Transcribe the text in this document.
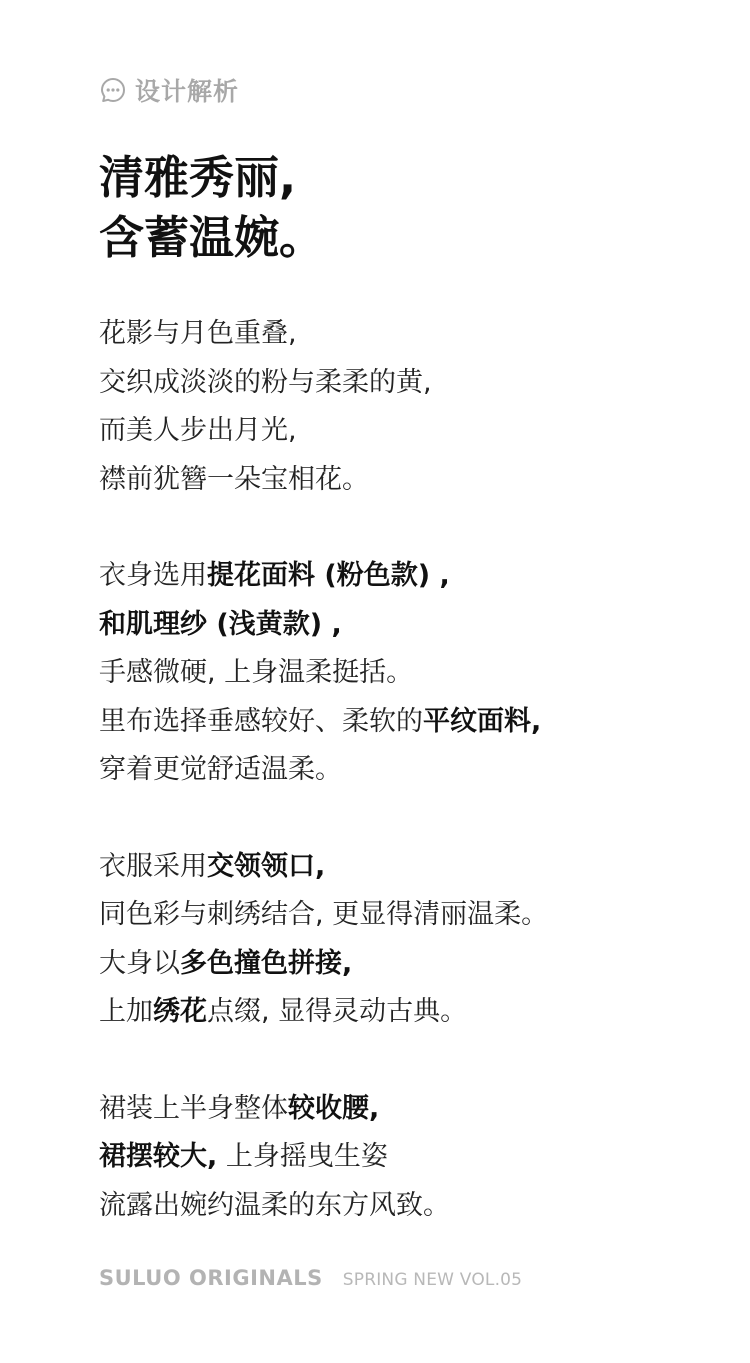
设计解析
清雅秀丽,
含蓄温婉。
花影与月色重叠,
交织成淡淡的粉与柔柔的黄,
而美人步出月光,
襟前犹簪一朵宝相花。
衣身选用提花面料 (粉色款) ,
和肌理纱 (浅黄款) ,
手感微硬, 上身温柔挺括。
里布选择垂感较好、柔软的平纹面料,
穿着更觉舒适温柔。
衣服采用交领领口,
同色彩与刺绣结合, 更显得清丽温柔。
大身以多色撞色拼接,
上加绣花点缀, 显得灵动古典。
裙装上半身整体较收腰,
裙摆较大, 上身摇曳生姿
流露出婉约温柔的东方风致。
SULUO ORIGINALS SPRING NEW VOL.05
